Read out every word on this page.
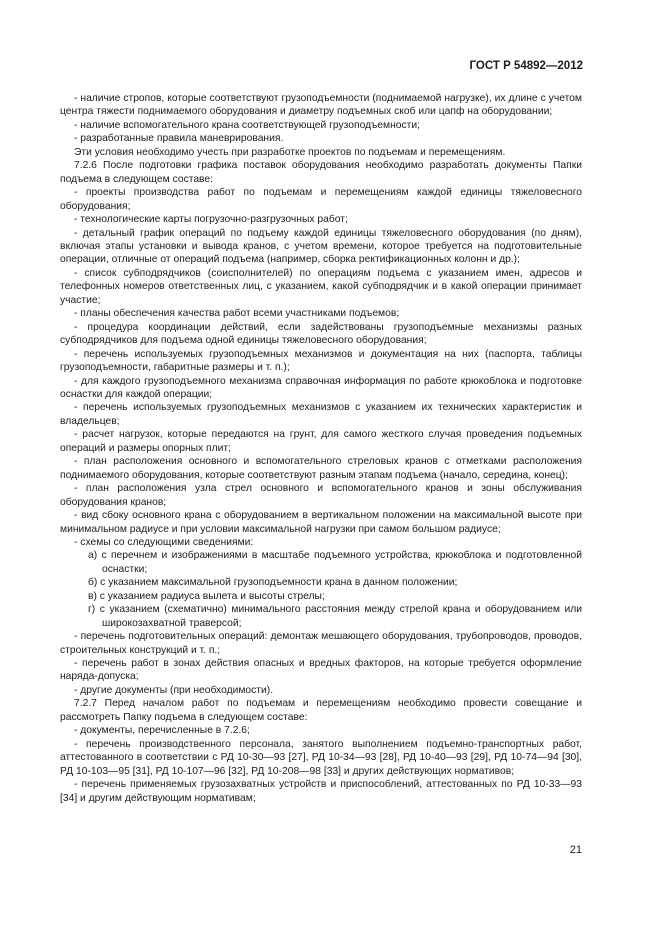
ГОСТ Р 54892—2012

- наличие стропов, которые соответствуют грузоподъемности (поднимаемой нагрузке), их длине с учетом центра тяжести поднимаемого оборудования и диаметру подъемных скоб или цапф на оборудовании;

- наличие вспомогательного крана соответствующей грузоподъемности;

- разработанные правила маневрирования.

Эти условия необходимо учесть при разработке проектов по подъемам и перемещениям.

7.2.6 После подготовки графика поставок оборудования необходимо разработать документы Папки подъема в следующем составе:

- проекты производства работ по подъемам и перемещениям каждой единицы тяжеловесного оборудования;

- технологические карты погрузочно-разгрузочных работ;

- детальный график операций по подъему каждой единицы тяжеловесного оборудования (по дням), включая этапы установки и вывода кранов, с учетом времени, которое требуется на подготовительные операции, отличные от операций подъема (например, сборка ректификационных колонн и др.);

- список субподрядчиков (соисполнителей) по операциям подъема с указанием имен, адресов и телефонных номеров ответственных лиц, с указанием, какой субподрядчик и в какой операции принимает участие;

- планы обеспечения качества работ всеми участниками подъемов;

- процедура координации действий, если задействованы грузоподъемные механизмы разных субподрядчиков для подъема одной единицы тяжеловесного оборудования;

- перечень используемых грузоподъемных механизмов и документация на них (паспорта, таблицы грузоподъемности, габаритные размеры и т. п.);

- для каждого грузоподъемного механизма справочная информация по работе крюкоблока и подготовке оснастки для каждой операции;

- перечень используемых грузоподъемных механизмов с указанием их технических характеристик и владельцев;

- расчет нагрузок, которые передаются на грунт, для самого жесткого случая проведения подъемных операций и размеры опорных плит;

- план расположения основного и вспомогательного стреловых кранов с отметками расположения поднимаемого оборудования, которые соответствуют разным этапам подъема (начало, середина, конец);

- план расположения узла стрел основного и вспомогательного кранов и зоны обслуживания оборудования кранов;

- вид сбоку основного крана с оборудованием в вертикальном положении на максимальной высоте при минимальном радиусе и при условии максимальной нагрузки при самом большом радиусе;

- схемы со следующими сведениями:

а) с перечнем и изображениями в масштабе подъемного устройства, крюкоблока и подготовленной оснастки;

б) с указанием максимальной грузоподъемности крана в данном положении;

в) с указанием радиуса вылета и высоты стрелы;

г) с указанием (схематично) минимального расстояния между стрелой крана и оборудованием или широкозахватной траверсой;

- перечень подготовительных операций: демонтаж мешающего оборудования, трубопроводов, проводов, строительных конструкций и т. п.;

- перечень работ в зонах действия опасных и вредных факторов, на которые требуется оформление наряда-допуска;

- другие документы (при необходимости).

7.2.7 Перед началом работ по подъемам и перемещениям необходимо провести совещание и рассмотреть Папку подъема в следующем составе:

- документы, перечисленные в 7.2.6;

- перечень производственного персонала, занятого выполнением подъемно-транспортных работ, аттестованного в соответствии с РД 10-30—93 [27], РД 10-34—93 [28], РД 10-40—93 [29], РД 10-74—94 [30], РД 10-103—95 [31], РД 10-107—96 [32], РД 10-208—98 [33] и других действующих нормативов;

- перечень применяемых грузозахватных устройств и приспособлений, аттестованных по РД 10-33—93 [34] и другим действующим нормативам;

21
